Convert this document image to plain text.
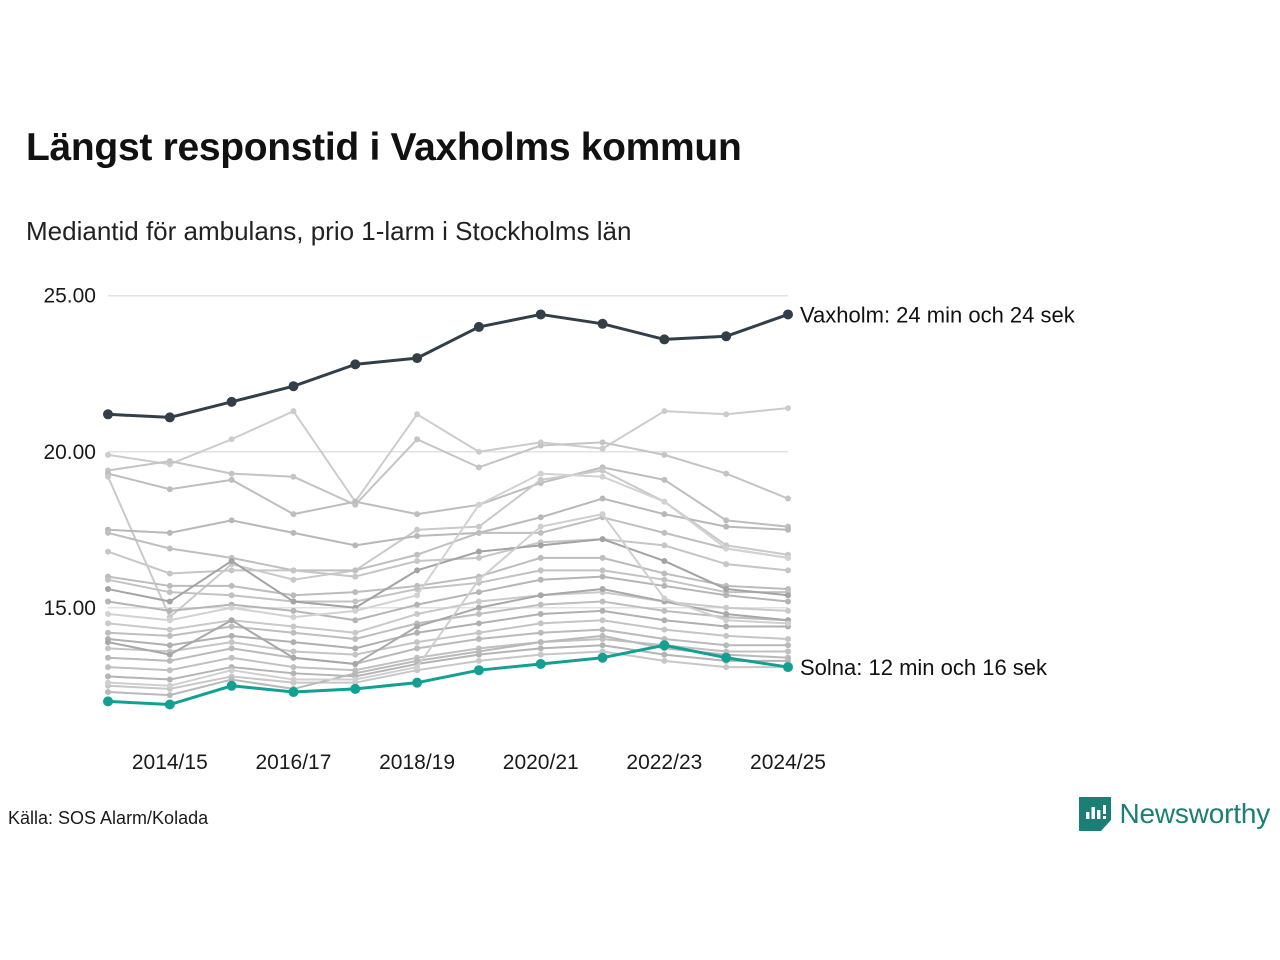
Längst responstid i Vaxholms kommun
Mediantid för ambulans, prio 1-larm i Stockholms län
15.00
20.00
25.00
2014/15 2016/17 2018/19 2020/21 2022/23 2024/25
Vaxholm: 24 min och 24 sek
Solna: 12 min och 16 sek
Källa: SOS Alarm/Kolada	Newsworthy
